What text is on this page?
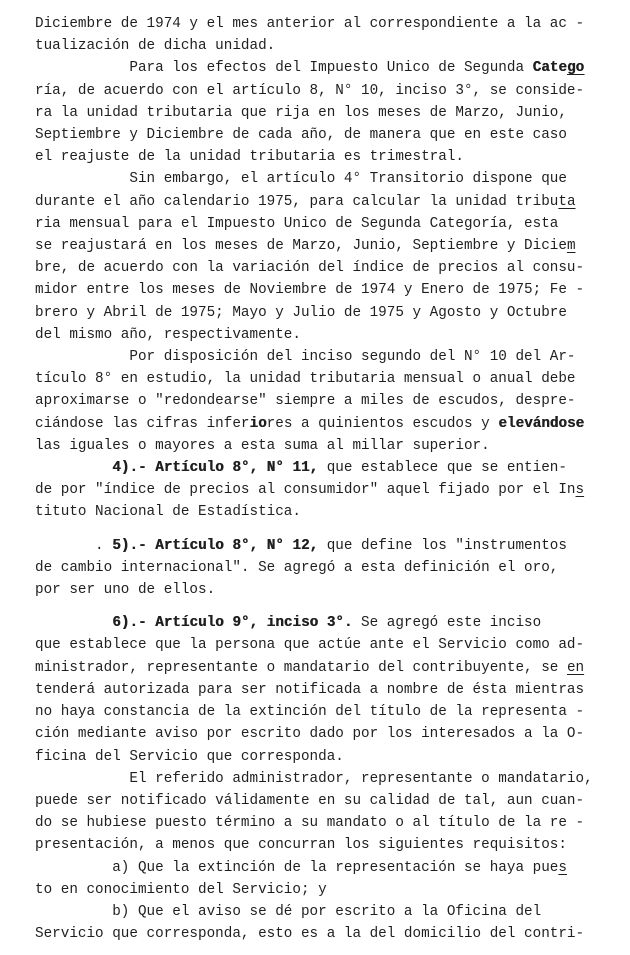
Diciembre de 1974 y el mes anterior al correspondiente a la ac -
tualización de dicha unidad.
Para los efectos del Impuesto Unico de Segunda Catego
ría, de acuerdo con el artículo 8, N° 10, inciso 3°, se conside-
ra la unidad tributaria que rija en los meses de Marzo, Junio,
Septiembre y Diciembre de cada año, de manera que en este caso
el reajuste de la unidad tributaria es trimestral.
Sin embargo, el artículo 4° Transitorio dispone que
durante el año calendario 1975, para calcular la unidad tributa
ria mensual para el Impuesto Unico de Segunda Categoría, esta
se reajustará en los meses de Marzo, Junio, Septiembre y Diciem
bre, de acuerdo con la variación del índice de precios al consu-
midor entre los meses de Noviembre de 1974 y Enero de 1975; Fe -
brero y Abril de 1975; Mayo y Julio de 1975 y Agosto y Octubre
del mismo año, respectivamente.
Por disposición del inciso segundo del N° 10 del Ar-
tículo 8° en estudio, la unidad tributaria mensual o anual debe
aproximarse o "redondearse" siempre a miles de escudos, despre-
ciándose las cifras inferiores a quinientos escudos y elevándose
las iguales o mayores a esta suma al millar superior.
4).- Artículo 8°, N° 11, que establece que se entien-
de por "índice de precios al consumidor" aquel fijado por el Ins
tituto Nacional de Estadística.
. 5).- Artículo 8°, N° 12, que define los "instrumentos
de cambio internacional". Se agregó a esta definición el oro,
por ser uno de ellos.
6).- Artículo 9°, inciso 3°. Se agregó este inciso
que establece que la persona que actúe ante el Servicio como ad-
ministrador, representante o mandatario del contribuyente, se en
tenderá autorizada para ser notificada a nombre de ésta mientras
no haya constancia de la extinción del título de la representa -
ción mediante aviso por escrito dado por los interesados a la O-
ficina del Servicio que corresponda.
El referido administrador, representante o mandatario,
puede ser notificado válidamente en su calidad de tal, aun cuan-
do se hubiese puesto término a su mandato o al título de la re -
presentación, a menos que concurran los siguientes requisitos:
a) Que la extinción de la representación se haya pues
to en conocimiento del Servicio; y
b) Que el aviso se dé por escrito a la Oficina del
Servicio que corresponda, esto es a la del domicilio del contri-
